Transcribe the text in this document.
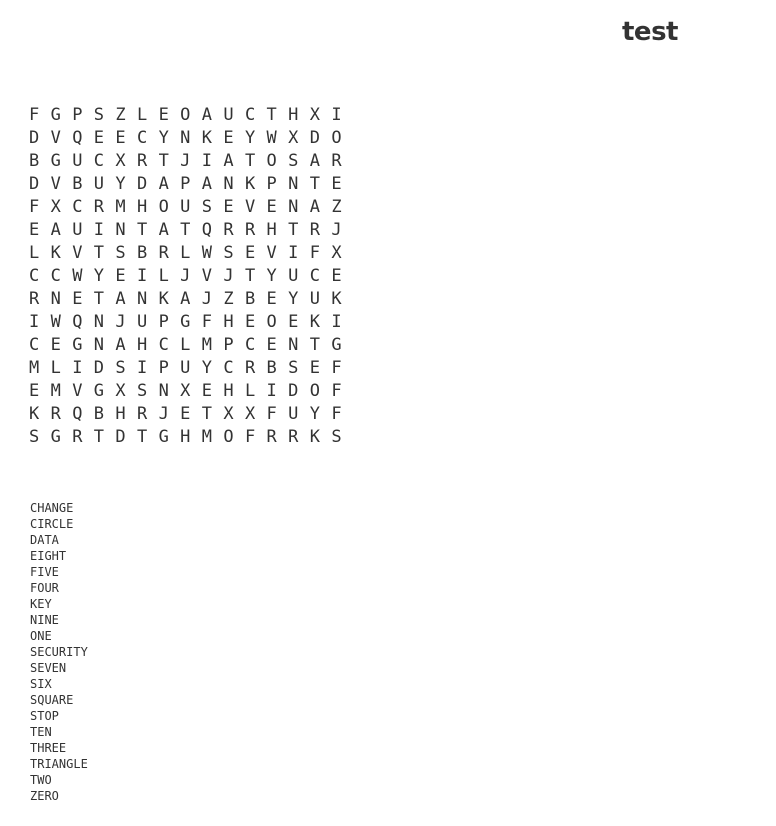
test
F G P S Z L E O A U C T H X I
D V Q E E C Y N K E Y W X D O
B G U C X R T J I A T O S A R
D V B U Y D A P A N K P N T E
F X C R M H O U S E V E N A Z
E A U I N T A T Q R R H T R J
L K V T S B R L W S E V I F X
C C W Y E I L J V J T Y U C E
R N E T A N K A J Z B E Y U K
I W Q N J U P G F H E O E K I
C E G N A H C L M P C E N T G
M L I D S I P U Y C R B S E F
E M V G X S N X E H L I D O F
K R Q B H R J E T X X F U Y F
S G R T D T G H M O F R R K S
CHANGE
CIRCLE
DATA
EIGHT
FIVE
FOUR
KEY
NINE
ONE
SECURITY
SEVEN
SIX
SQUARE
STOP
TEN
THREE
TRIANGLE
TWO
ZERO
